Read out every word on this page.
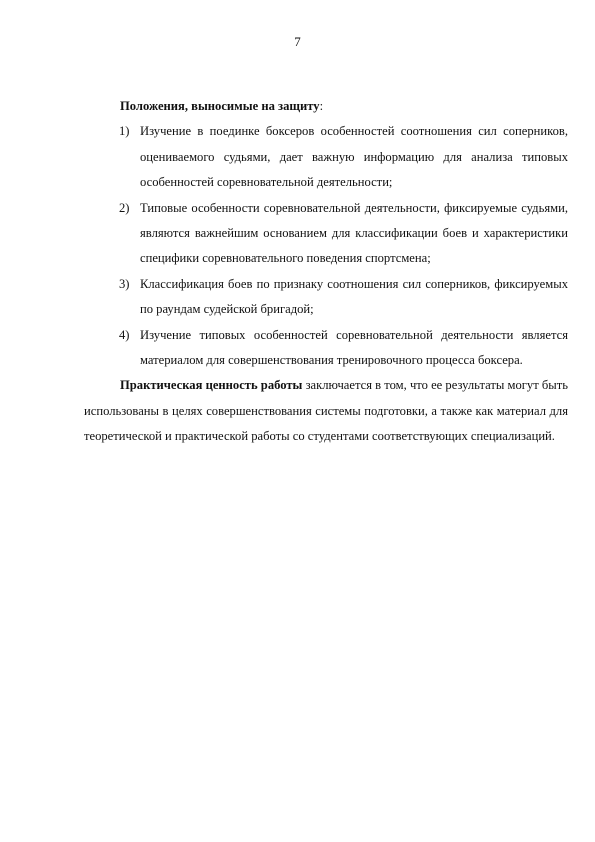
7

Положения, выносимые на защиту:

1) Изучение в поединке боксеров особенностей соотношения сил соперников, оцениваемого судьями, дает важную информацию для анализа типовых особенностей соревновательной деятельности;
2) Типовые особенности соревновательной деятельности, фиксируемые судьями, являются важнейшим основанием для классификации боев и характеристики специфики соревновательного поведения спортсмена;
3) Классификация боев по признаку соотношения сил соперников, фиксируемых по раундам судейской бригадой;
4) Изучение типовых особенностей соревновательной деятельности является материалом для совершенствования тренировочного процесса боксера.

Практическая ценность работы заключается в том, что ее результаты могут быть использованы в целях совершенствования системы подготовки, а также как материал для теоретической и практической работы со студентами соответствующих специализаций.
